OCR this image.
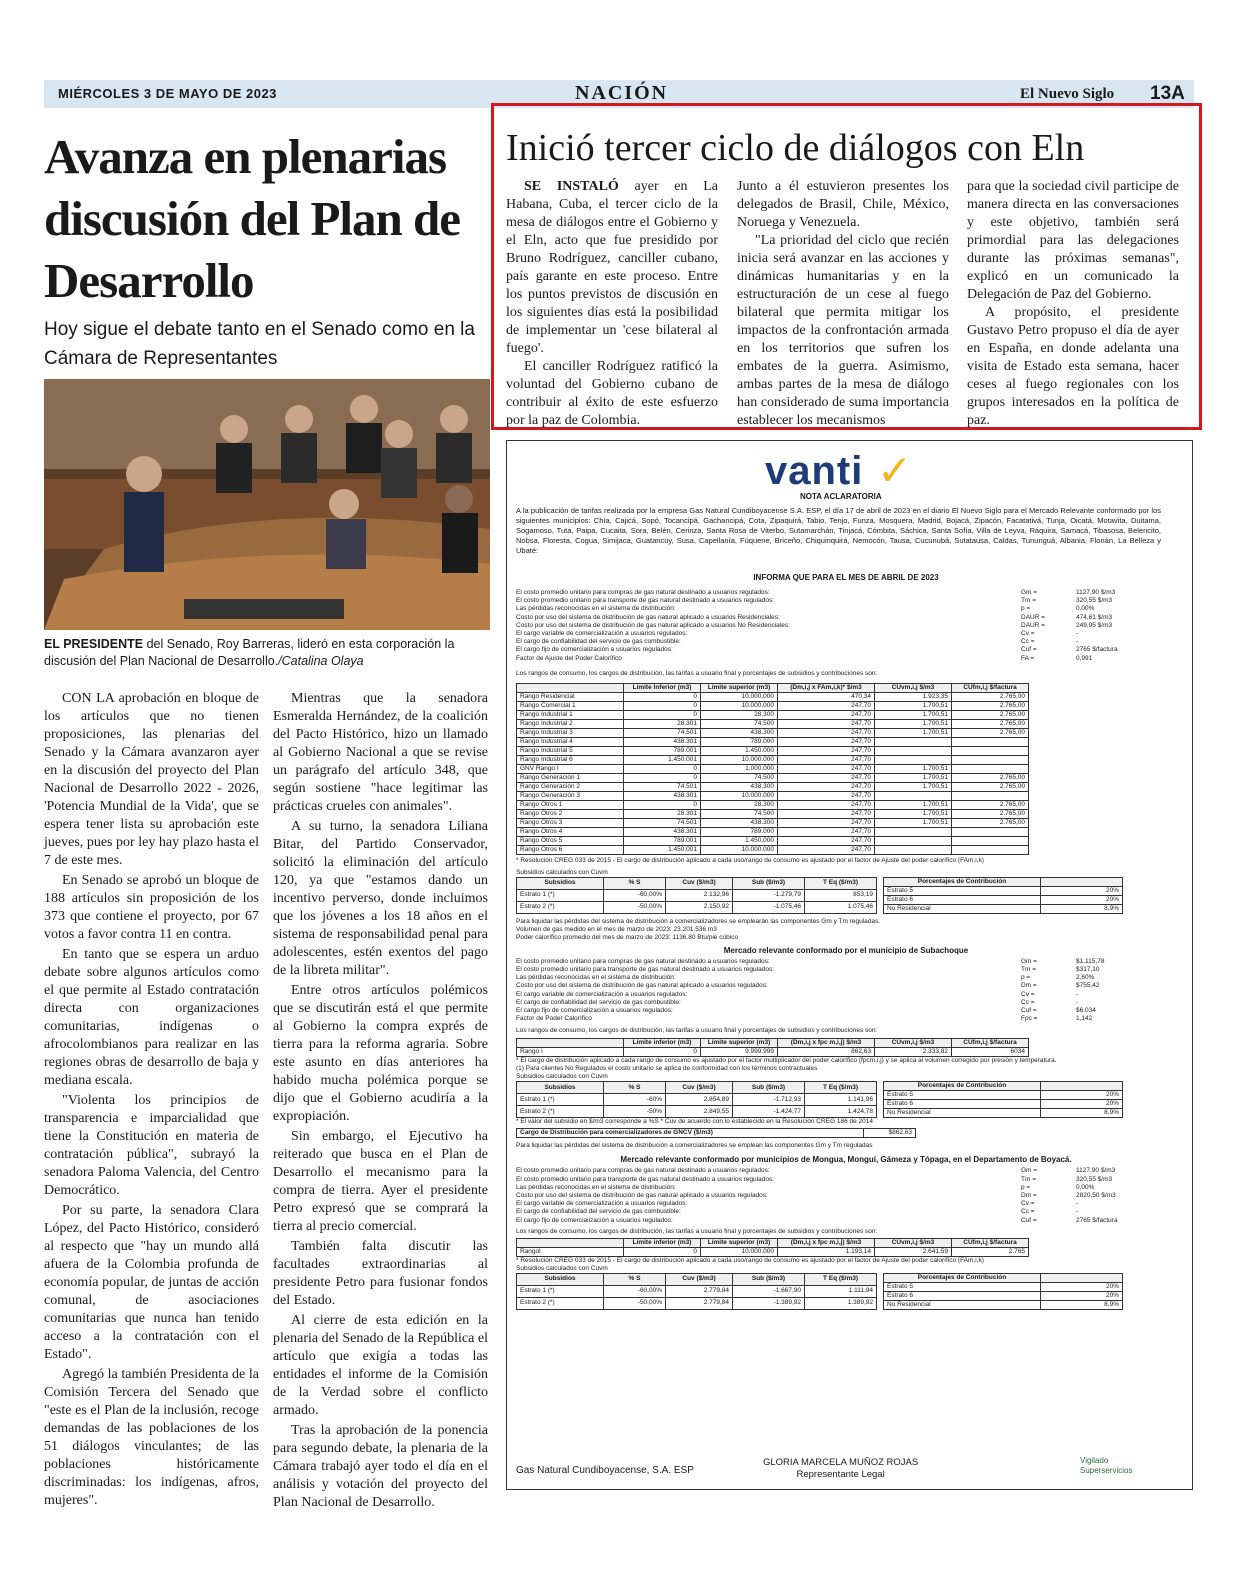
MIÉRCOLES 3 DE MAYO DE 2023	NACIÓN	El Nuevo Siglo 13A
Avanza en plenarias discusión del Plan de Desarrollo
Hoy sigue el debate tanto en el Senado como en la Cámara de Representantes
EL PRESIDENTE del Senado, Roy Barreras, lideró en esta corporación la discusión del Plan Nacional de Desarrollo./Catalina Olaya

CON LA aprobación en bloque de los artículos que no tienen proposiciones, las plenarias del Senado y la Cámara avanzaron ayer en la discusión del proyecto del Plan Nacional de Desarrollo 2022 - 2026, 'Potencia Mundial de la Vida', que se espera tener lista su aprobación este jueves, pues por ley hay plazo hasta el 7 de este mes.

En Senado se aprobó un bloque de 188 artículos sin proposición de los 373 que contiene el proyecto, por 67 votos a favor contra 11 en contra.

En tanto que se espera un arduo debate sobre algunos artículos como el que permite al Estado contratación directa con organizaciones comunitarias, indígenas o afrocolombianos para realizar en las regiones obras de desarrollo de baja y mediana escala.

"Violenta los principios de transparencia e imparcialidad que tiene la Constitución en materia de contratación pública", subrayó la senadora Paloma Valencia, del Centro Democrático.

Por su parte, la senadora Clara López, del Pacto Histórico, consideró al respecto que "hay un mundo allá afuera de la Colombia profunda de economía popular, de juntas de acción comunal, de asociaciones comunitarias que nunca han tenido acceso a la contratación con el Estado".

Agregó la también Presidenta de la Comisión Tercera del Senado que "este es el Plan de la inclusión, recoge demandas de las poblaciones de los 51 diálogos vinculantes; de las poblaciones históricamente discriminadas: los indígenas, afros, mujeres".

Mientras que la senadora Esmeralda Hernández, de la coalición del Pacto Histórico, hizo un llamado al Gobierno Nacional a que se revise un parágrafo del artículo 348, que según sostiene "hace legitimar las prácticas crueles con animales".

A su turno, la senadora Liliana Bitar, del Partido Conservador, solicitó la eliminación del artículo 120, ya que "estamos dando un incentivo perverso, donde incluimos que los jóvenes a los 18 años en el sistema de responsabilidad penal para adolescentes, estén exentos del pago de la libreta militar".

Entre otros artículos polémicos que se discutirán está el que permite al Gobierno la compra exprés de tierra para la reforma agraria. Sobre este asunto en días anteriores ha habido mucha polémica porque se dijo que el Gobierno acudiría a la expropiación.

Sin embargo, el Ejecutivo ha reiterado que busca en el Plan de Desarrollo el mecanismo para la compra de tierra. Ayer el presidente Petro expresó que se comprará la tierra al precio comercial.

También falta discutir las facultades extraordinarias al presidente Petro para fusionar fondos del Estado.

Al cierre de esta edición en la plenaria del Senado de la República el artículo que exigía a todas las entidades el informe de la Comisión de la Verdad sobre el conflicto armado.

Tras la aprobación de la ponencia para segundo debate, la plenaria de la Cámara trabajó ayer todo el día en el análisis y votación del proyecto del Plan Nacional de Desarrollo.

Inició tercer ciclo de diálogos con Eln

SE INSTALÓ ayer en La Habana, Cuba, el tercer ciclo de la mesa de diálogos entre el Gobierno y el Eln, acto que fue presidido por Bruno Rodríguez, canciller cubano, país garante en este proceso. Entre los puntos previstos de discusión en los siguientes días está la posibilidad de implementar un 'cese bilateral al fuego'.

El canciller Rodríguez ratificó la voluntad del Gobierno cubano de contribuir al éxito de este esfuerzo por la paz de Colombia.

Junto a él estuvieron presentes los delegados de Brasil, Chile, México, Noruega y Venezuela.

"La prioridad del ciclo que recién inicia será avanzar en las acciones y dinámicas humanitarias y en la estructuración de un cese al fuego bilateral que permita mitigar los impactos de la confrontación armada en los territorios que sufren los embates de la guerra. Asimismo, ambas partes de la mesa de diálogo han considerado de suma importancia establecer los mecanismos

para que la sociedad civil participe de manera directa en las conversaciones y este objetivo, también será primordial para las delegaciones durante las próximas semanas", explicó en un comunicado la Delegación de Paz del Gobierno.

A propósito, el presidente Gustavo Petro propuso el día de ayer en España, en donde adelanta una visita de Estado esta semana, hacer ceses al fuego regionales con los grupos interesados en la política de paz.

vanti ✓
NOTA ACLARATORIA
A la publicación de tarifas realizada por la empresa Gas Natural Cundiboyacense S.A. ESP, el día 17 de abril de 2023 en el diario El Nuevo Siglo para el Mercado Relevante conformado por los siguientes municipios: Chía, Cajicá, Sopó, Tocancipá, Gachancipá, Cota, Zipaquirá, Tabio, Tenjo, Funza, Mosquera, Madrid, Bojacá, Zipacón, Facatativá, Tunja, Oicatá, Motavita, Duitama, Sogamoso, Tuta, Paipa, Cucaita, Sora, Belén, Cerinza, Santa Rosa de Viterbo, Sutamarchán, Tinjacá, Cómbita, Sáchica, Santa Sofía, Villa de Leyva, Ráquira, Samacá, Tibasosa, Belencito, Nobsa, Floresta, Cogua, Simijaca, Guatancuy, Susa, Capellanía, Fúquene, Briceño, Chiquinquirá, Nemocón, Tausa, Cucunubá, Sutatausa, Caldas, Tununguá, Albania, Florián, La Belleza y Ubaté:
INFORMA QUE PARA EL MES DE ABRIL DE 2023
El costo promedio unitario para compras de gas natural destinado a usuarios regulados:	Gm =	1127,90 $/m3
El costo promedio unitario para transporte de gas natural destinado a usuarios regulados:	Tm =	320,55 $/m3
Las pérdidas reconocidas en el sistema de distribución:	p =	0,00%
Costo por uso del sistema de distribución de gas natural aplicado a usuarios Residenciales:	DAUR =	474,61 $/m3
Costo por uso del sistema de distribución de gas natural aplicado a usuarios No Residenciales:	DAUR =	249,95 $/m3
El cargo variable de comercialización a usuarios regulados:	Cv =	-
El cargo de confiabilidad del servicio de gas combustible:	Cc =	-
El cargo fijo de comercialización a usuarios regulados:	Cuf =	2765 $/factura
Factor de Ajuste del Poder Calorífico	FA =	0,991
Los rangos de consumo, los cargos de distribución, las tarifas a usuario final y porcentajes de subsidios y contribuciones son:
	Límite Inferior (m3)	Límite superior (m3)	(Dm,i,j x FAm,i,k)* $/m3	CUvm,i,j $/m3	CUfm,i,j $/factura
Rango Residencial	0	10.000.000	470,34	1.923,35	2.765,00
Rango Comercial 1	0	10.000.000	247,70	1.700,51	2.765,00
Rango Industrial 1	0	28.300	247,70	1.700,51	2.765,00
Rango Industrial 2	28.301	74.500	247,70	1.700,51	2.765,00
Rango Industrial 3	74.501	438.300	247,70	1.700,51	2.765,00
Rango Industrial 4	438.301	789.000	247,70		
Rango Industrial 5	789.001	1.450.000	247,70		
Rango Industrial 6	1.450.001	10.000.000	247,70		
GNV Rango I	0	1.000.000	247,70	1.700,51	
Rango Generación 1	0	74.500	247,70	1.700,51	2.765,00
Rango Generación 2	74.501	438.300	247,70	1.700,51	2.765,00
Rango Generación 3	438.301	10.000.000	247,70		
Rango Otros 1	0	28.300	247,70	1.700,51	2.765,00
Rango Otros 2	28.301	74.500	247,70	1.700,51	2.765,00
Rango Otros 3	74.501	438.300	247,70	1.700,51	2.765,00
Rango Otros 4	438.301	789.000	247,70		
Rango Otros 5	789.001	1.450.000	247,70		
Rango Otros 6	1.450.001	10.000.000	247,70		
* Resolución CREG 033 de 2015 - El cargo de distribución aplicado a cada uso/rango de consumo es ajustado por el factor de Ajuste del poder calorífico (FAm,i,k)
Subsidios calculados con Cuvm
Subsidios	% S	Cuv ($/m3)	Sub ($/m3)	T Eq ($/m3)
Estrato 1 (*)	-60,00%	2.132,96	-1.279,79	853,19
Estrato 2 (*)	-50,00%	2.150,92	-1.075,46	1.075,46
Porcentajes de Contribución	
Estrato 5	20%
Estrato 6	20%
No Residencial	8,9%
Para liquidar las pérdidas del sistema de distribución a comercializadores se emplearán las componentes Gm y Tm reguladas.
Volumen de gas medido en el mes de marzo de 2023: 23.201.536 m3
Poder calorífico promedio del mes de marzo de 2023: 1136.80 Btu/pie cúbico
Mercado relevante conformado por el municipio de Subachoque
El costo promedio unitario para compras de gas natural destinado a usuarios regulados:	Gm =	$1.115,78
El costo promedio unitario para transporte de gas natural destinado a usuarios regulados:	Tm =	$317,10
Las pérdidas reconocidas en el sistema de distribución:	p =	2,60%
Costo por uso del sistema de distribución de gas natural aplicado a usuarios regulados:	Dm =	$755,42
El cargo variable de comercialización a usuarios regulados:	Cv =	-
El cargo de confiabilidad del servicio de gas combustible:	Cc =	-
El cargo fijo de comercialización a usuarios regulados:	Cuf =	$6.034
Factor de Poder Calorífico	Fpc =	1,142
Los rangos de consumo, los cargos de distribución, las tarifas a usuario final y porcentajes de subsidios y contribuciones son:
	Límite inferior (m3)	Límite superior (m3)	(Dm,i,j x fpc m,i,j) $/m3	CUvm,i,j $/m3	CUfm,i,j $/factura
Rango I	0	9.999.999	862,63	2.333,82	6034
* El cargo de distribución aplicado a cada rango de consumo es ajustado por el factor multiplicador del poder calorífico (fpcm,i,j) y se aplica al volumen corregido por presión y temperatura.
(1) Para clientes No Regulados el costo unitario se aplica de conformidad con los términos contractuales
Subsidios calculados con Cuvm
Subsidios	% S	Cuv ($/m3)	Sub ($/m3)	T Eq ($/m3)
Estrato 1 (*)	-60%	2.854,89	-1.712,93	1.141,96
Estrato 2 (*)	-50%	2.849,55	-1.424,77	1.424,78
Porcentajes de Contribución	
Estrato 5	20%
Estrato 6	20%
No Residencial	8,9%
* El valor del subsidio en $/m3 corresponde a %S * Cuv de acuerdo con lo establecido en la Resolución CREG 186 de 2014
Cargo de Distribución para comercializadores de GNCV ($/m3)	$862,63
Para liquidar las pérdidas del sistema de distribución a comercializadores se emplean las componentes Gm y Tm reguladas
Mercado relevante conformado por municipios de Mongua, Monguí, Gámeza y Tópaga, en el Departamento de Boyacá.
El costo promedio unitario para compras de gas natural destinado a usuarios regulados:	Gm =	1127,90 $/m3
El costo promedio unitario para transporte de gas natural destinado a usuarios regulados:	Tm =	320,55 $/m3
Las pérdidas reconocidas en el sistema de distribución:	p =	0,00%
Costo por uso del sistema de distribución de gas natural aplicado a usuarios regulados:	Dm =	2820,50 $/m3
El cargo variable de comercialización a usuarios regulados:	Cv =	-
El cargo de confiabilidad del servicio de gas combustible:	Cc =	-
El cargo fijo de comercialización a usuarios regulados:	Cuf =	2765 $/factura
Los rangos de consumo, los cargos de distribución, las tarifas a usuario final y porcentajes de subsidios y contribuciones son:
	Límite inferior (m3)	Límite superior (m3)	(Dm,i,j x fpc m,i,j) $/m3	CUvm,i,j $/m3	CUfm,i,j $/factura
Rangol	0	10.000.000	1.193,14	2.641,59	2.765
* Resolución CREG 033 de 2015 - El cargo de distribución aplicado a cada uso/rango de consumo es ajustado por el factor de Ajuste del poder calorífico (FAm,i,k)
Subsidios calculados con Cuvm
Subsidios	% S	Cuv ($/m3)	Sub ($/m3)	T Eq ($/m3)
Estrato 1 (*)	-60,00%	2.779,84	-1.667,90	1.111,94
Estrato 2 (*)	-50,00%	2.779,84	-1.389,92	1.389,92
Porcentajes de Contribución	
Estrato 5	20%
Estrato 6	20%
No Residencial	8,9%
Gas Natural Cundiboyacense, S.A. ESP
GLORIA MARCELA MUÑOZ ROJAS
Representante Legal
Vigilado
Superservicios
